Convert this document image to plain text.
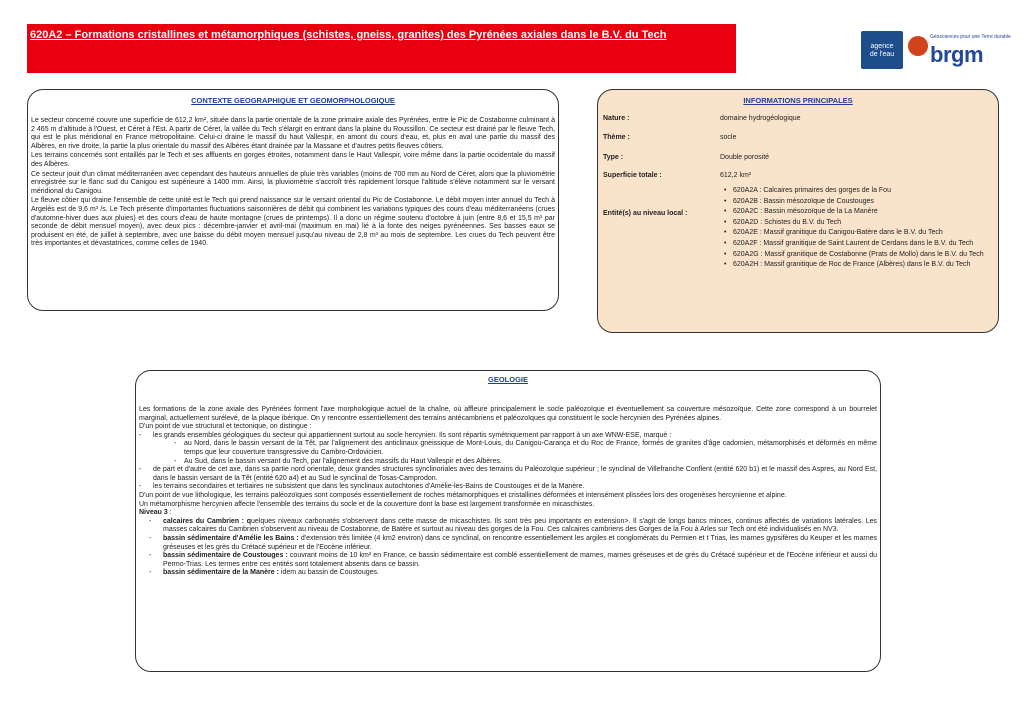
620A2 – Formations cristallines et métamorphiques (schistes, gneiss, granites) des Pyrénées axiales dans le B.V. du Tech
agence
de l'eau
Géosciences pour une Terre durable
brgm
CONTEXTE GEOGRAPHIQUE ET GEOMORPHOLOGIQUE

Le secteur concerné couvre une superficie de 612,2 km², située dans la partie orientale de la zone primaire axiale des Pyrénées, entre le Pic de Costabonne culminant à 2 465 m d'altitude à l'Ouest, et Céret à l'Est. A partir de Céret, la vallée du Tech s'élargit en entrant dans la plaine du Roussillon. Ce secteur est drainé par le fleuve Tech, qui est le plus méridional en France métropolitaine. Celui-ci draine le massif du haut Vallespir, en amont du cours d'eau, et, plus en aval une partie du massif des Albères, en rive droite, la partie la plus orientale du massif des Albères étant drainée par la Massane et d'autres petits fleuves côtiers.

Les terrains concernés sont entaillés par le Tech et ses affluents en gorges étroites, notamment dans le Haut Vallespir, voire même dans la partie occidentale du massif des Albères.

Ce secteur jouit d'un climat méditerranéen avec cependant des hauteurs annuelles de pluie très variables (moins de 700 mm au Nord de Céret, alors que la pluviométrie enregistrée sur le flanc sud du Canigou est supérieure à 1400 mm. Ainsi, la pluviométrie s'accroît très rapidement lorsque l'altitude s'élève notamment sur le versant méridional du Canigou.

Le fleuve côtier qui draine l'ensemble de cette unité est le Tech qui prend naissance sur le versant oriental du Pic de Costabonne. Le débit moyen inter annuel du Tech à Argelès est de 9,6 m³ /s. Le Tech présente d'importantes fluctuations saisonnières de débit qui combinent les variations typiques des cours d'eau méditerranéens (crues d'automne-hiver dues aux pluies) et des cours d'eau de haute montagne (crues de printemps). Il a donc un régime soutenu d'octobre à juin (entre 8,6 et 15,5 m³ par seconde de débit mensuel moyen), avec deux pics : décembre-janvier et avril-mai (maximum en mai) lié à la fonte des neiges pyrénéennes. Ses basses eaux se produisent en été, de juillet à septembre, avec une baisse du débit moyen mensuel jusqu'au niveau de 2,8 m³ au mois de septembre. Les crues du Tech peuvent être très importantes et dévastatrices, comme celles de 1940.

INFORMATIONS PRINCIPALES
Nature :	domaine hydrogéologique
Thème :	socle
Type :	Double porosité
Superficie totale :	612,2 km²
Entité(s) au niveau local :
• 620A2A : Calcaires primaires des gorges de la Fou
• 620A2B : Bassin mésozoïque de Coustouges
• 620A2C : Bassin mésozoïque de la La Manère
• 620A2D : Schistes du B.V. du Tech
• 620A2E : Massif granitique du Canigou-Batère dans le B.V. du Tech
• 620A2F : Massif granitique de Saint Laurent de Cerdans dans le B.V. du Tech
• 620A2G : Massif granitique de Costabonne (Prats de Mollo) dans le B.V. du Tech
• 620A2H : Massif granitique de Roc de France (Albères) dans le B.V. du Tech
GEOLOGIE

Les formations de la zone axiale des Pyrénées forment l'axe morphologique actuel de la chaîne, où affleure principalement le socle paléozoïque et éventuellement sa couverture mésozoïque. Cette zone correspond à un bourrelet marginal, actuellement surélevé, de la plaque ibérique. On y rencontre essentiellement des terrains antécambriens et paléozoïques qui constituent le socle hercynien des Pyrénées alpines.

D'un point de vue structural et tectonique, on distingue :

- les grands ensembles géologiques du secteur qui appartiennent surtout au socle hercynien. Ils sont répartis symétriquement par rapport à un axe WNW-ESE, marqué :

- au Nord, dans le bassin versant de la Têt, par l'alignement des anticlinaux gneissique de Mont-Louis, du Canigou-Carança et du Roc de France, formés de granites d'âge cadomien, métamorphisés et déformés en même temps que leur couverture transgressive du Cambro-Ordovicien.

- Au Sud, dans le bassin versant du Tech, par l'alignement des massifs du Haut Vallespir et des Albères.

- de part et d'autre de cet axe, dans sa partie nord orientale, deux grandes structures synclinoriales avec des terrains du Paléozoïque supérieur ; le synclinal de Villefranche Conflent (entité 620 b1) et le massif des Aspres, au Nord Est, dans le bassin versant de la Têt (entité 620 a4) et au Sud le synclinal de Tosas-Camprodon.

- les terrains secondaires et tertiaires ne subsistent que dans les synclinaux autochtones d'Amélie-les-Bains de Coustouges et de la Manère.

D'un point de vue lithologique, les terrains paléozoïques sont composés essentiellement de roches métamorphiques et cristallines déformées et intensément plissées lors des orogenèses hercynienne et alpine.

Un métamorphisme hercynien affecte l'ensemble des terrains du socle et de la couverture dont la base est largement transformée en micaschistes.

Niveau 3 :

- calcaires du Cambrien : quelques niveaux carbonatés s'observent dans cette masse de micaschistes. Ils sont très peu importants en extension>. Il s'agit de longs bancs minces, continus affectés de variations latérales. Les masses calcaires du Cambrien s'observent au niveau de Costabonne, de Batère et surtout au niveau des gorges de la Fou. Ces calcaires cambriens des Gorges de la Fou à Arles sur Tech ont été individualisés en NV3.

- bassin sédimentaire d'Amélie les Bains : d'extension très limitée (4 km2 environ) dans ce synclinal, on rencontre essentiellement les argiles et conglomérats du Permien et t Trias, les marnes gypsifères du Keuper et les marnes gréseuses et les grès du Crétacé supérieur et de l'Eocène inférieur.

- bassin sédimentaire de Coustouges : couvrant moins de 10 km² en France, ce bassin sédimentaire est comblé essentiellement de marnes, marnes gréseuses et de grès du Crétacé supérieur et de l'Eocène inférieur et aussi du Permo-Trias. Les termes entre ces entités sont totalement absents dans ce bassin.

- bassin sédimentaire de la Manère : idem au bassin de Coustouges.
